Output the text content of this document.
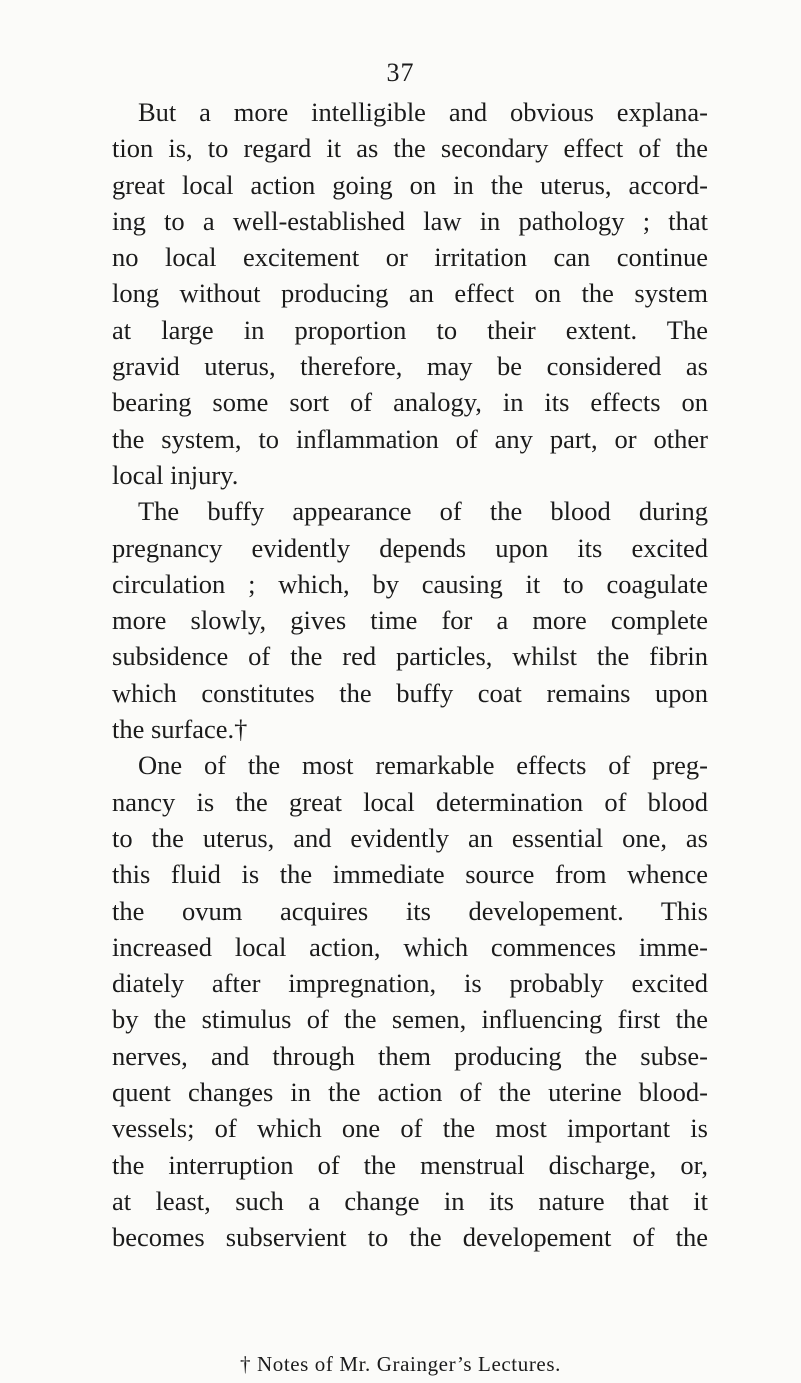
37
But a more intelligible and obvious explana-
tion is, to regard it as the secondary effect of the
great local action going on in the uterus, accord-
ing to a well-established law in pathology ; that
no local excitement or irritation can continue
long without producing an effect on the system
at large in proportion to their extent. The
gravid uterus, therefore, may be considered as
bearing some sort of analogy, in its effects on
the system, to inflammation of any part, or other
local injury.
The buffy appearance of the blood during
pregnancy evidently depends upon its excited
circulation ; which, by causing it to coagulate
more slowly, gives time for a more complete
subsidence of the red particles, whilst the fibrin
which constitutes the buffy coat remains upon
the surface.†
One of the most remarkable effects of preg-
nancy is the great local determination of blood
to the uterus, and evidently an essential one, as
this fluid is the immediate source from whence
the ovum acquires its developement. This
increased local action, which commences imme-
diately after impregnation, is probably excited
by the stimulus of the semen, influencing first the
nerves, and through them producing the subse-
quent changes in the action of the uterine blood-
vessels; of which one of the most important is
the interruption of the menstrual discharge, or,
at least, such a change in its nature that it
becomes subservient to the developement of the
† Notes of Mr. Grainger’s Lectures.
